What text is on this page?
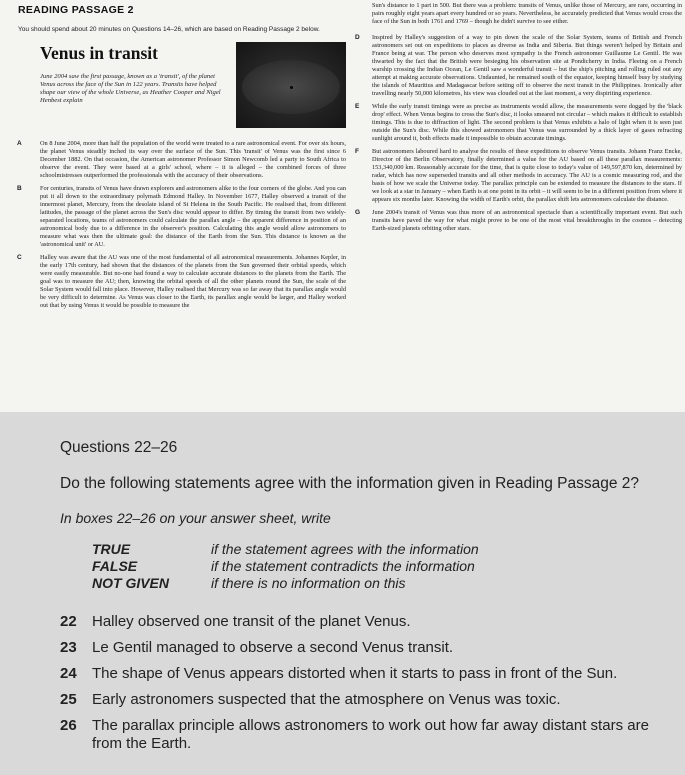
READING PASSAGE 2
You should spend about 20 minutes on Questions 14–26, which are based on Reading Passage 2 below.
Venus in transit
June 2004 saw the first passage, known as a 'transit', of the planet Venus across the face of the Sun in 122 years. Transits have helped shape our view of the whole Universe, as Heather Cooper and Nigel Henbest explain
A	On 8 June 2004, more than half the population of the world were treated to a rare astronomical event. For over six hours, the planet Venus steadily inched its way over the surface of the Sun. This 'transit' of Venus was the first since 6 December 1882. On that occasion, the American astronomer Professor Simon Newcomb led a party to South Africa to observe the event. They were based at a girls' school, where – it is alleged – the combined forces of three schoolmistresses outperformed the professionals with the accuracy of their observations.
B	For centuries, transits of Venus have drawn explorers and astronomers alike to the four corners of the globe. And you can put it all down to the extraordinary polymath Edmond Halley. In November 1677, Halley observed a transit of the innermost planet, Mercury, from the desolate island of St Helena in the South Pacific. He realised that, from different latitudes, the passage of the planet across the Sun's disc would appear to differ. By timing the transit from two widely-separated locations, teams of astronomers could calculate the parallax angle – the apparent difference in position of an astronomical body due to a difference in the observer's position. Calculating this angle would allow astronomers to measure what was then the ultimate goal: the distance of the Earth from the Sun. This distance is known as the 'astronomical unit' or AU.
C	Halley was aware that the AU was one of the most fundamental of all astronomical measurements. Johannes Kepler, in the early 17th century, had shown that the distances of the planets from the Sun governed their orbital speeds, which were easily measurable. But no-one had found a way to calculate accurate distances to the planets from the Earth. The goal was to measure the AU; then, knowing the orbital speeds of all the other planets round the Sun, the scale of the Solar System would fall into place. However, Halley realised that Mercury was so far away that its parallax angle would be very difficult to determine. As Venus was closer to the Earth, its parallax angle would be larger, and Halley worked out that by using Venus it would be possible to measure the
Sun's distance to 1 part in 500. But there was a problem: transits of Venus, unlike those of Mercury, are rare, occurring in pairs roughly eight years apart every hundred or so years. Nevertheless, he accurately predicted that Venus would cross the face of the Sun in both 1761 and 1769 – though he didn't survive to see either.
D Inspired by Halley's suggestion of a way to pin down the scale of the Solar System, teams of British and French astronomers set out on expeditions to places as diverse as India and Siberia. But things weren't helped by Britain and France being at war. The person who deserves most sympathy is the French astronomer Guillaume Le Gentil. He was thwarted by the fact that the British were besieging his observation site at Pondicherry in India. Fleeing on a French warship crossing the Indian Ocean, Le Gentil saw a wonderful transit – but the ship's pitching and rolling ruled out any attempt at making accurate observations. Undaunted, he remained south of the equator, keeping himself busy by studying the islands of Mauritius and Madagascar before setting off to observe the next transit in the Philippines. Ironically after travelling nearly 50,000 kilometres, his view was clouded out at the last moment, a very dispiriting experience.
E While the early transit timings were as precise as instruments would allow, the measurements were dogged by the 'black drop' effect. When Venus begins to cross the Sun's disc, it looks smeared not circular – which makes it difficult to establish timings. This is due to diffraction of light. The second problem is that Venus exhibits a halo of light when it is seen just outside the Sun's disc. While this showed astronomers that Venus was surrounded by a thick layer of gases refracting sunlight around it, both effects made it impossible to obtain accurate timings.
F But astronomers laboured hard to analyse the results of these expeditions to observe Venus transits. Johann Franz Encke, Director of the Berlin Observatory, finally determined a value for the AU based on all these parallax measurements: 153,340,000 km. Reasonably accurate for the time, that is quite close to today's value of 149,597,870 km, determined by radar, which has now superseded transits and all other methods in accuracy. The AU is a cosmic measuring rod, and the basis of how we scale the Universe today. The parallax principle can be extended to measure the distances to the stars. If we look at a star in January – when Earth is at one point in its orbit – it will seem to be in a different position from where it appears six months later. Knowing the width of Earth's orbit, the parallax shift lets astronomers calculate the distance.
G June 2004's transit of Venus was thus more of an astronomical spectacle than a scientifically important event. But such transits have paved the way for what might prove to be one of the most vital breakthroughs in the cosmos – detecting Earth-sized planets orbiting other stars.
Questions 22–26
Do the following statements agree with the information given in Reading Passage 2?
In boxes 22–26 on your answer sheet, write
TRUE	if the statement agrees with the information
FALSE	if the statement contradicts the information
NOT GIVEN	if there is no information on this
22	Halley observed one transit of the planet Venus.
23	Le Gentil managed to observe a second Venus transit.
24	The shape of Venus appears distorted when it starts to pass in front of the Sun.
25	Early astronomers suspected that the atmosphere on Venus was toxic.
26	The parallax principle allows astronomers to work out how far away distant stars are from the Earth.
